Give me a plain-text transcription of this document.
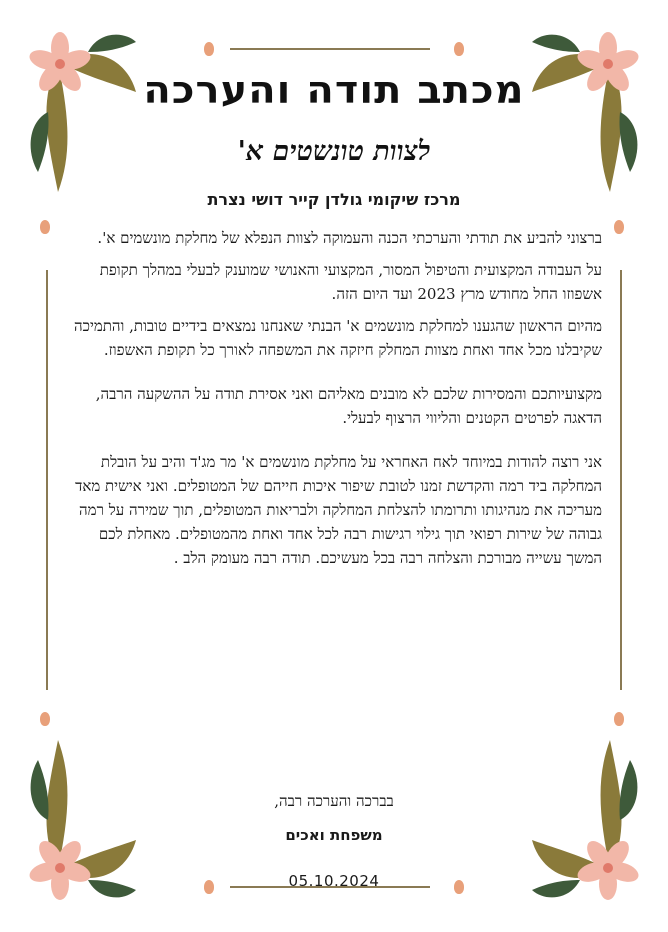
מכתב תודה והערכה
לצוות טונשטים א'
מרכז שיקומי גולדן קייר דושי נצרת

ברצוני להביע את תודתי והערכתי הכנה והעמוקה לצוות הנפלא של מחלקת מונשמים א'.

על העבודה המקצועית והטיפול המסור, המקצועי והאנושי שמוענק לבעלי במהלך תקופת אשפוזו החל מחודש מרץ 2023 ועד היום הזה.

מהיום הראשון שהגענו למחלקת מונשמים א' הבנתי שאנחנו נמצאים בידיים טובות, והתמיכה שקיבלנו מכל אחד ואחת מצוות המחלק חיזקה את המשפחה לאורך כל תקופת האשפוז.

מקצועיותכם והמסירות שלכם לא מובנים מאליהם ואני אסירת תודה על ההשקעה הרבה, הדאגה לפרטים הקטנים והליווי הרצוף לבעלי.

אני רוצה להודות במיוחד לאח האחראי על מחלקת מונשמים א' מר מג'ד והיב על הובלת המחלקה ביד רמה והקדשת זמנו לטובת שיפור איכות חייהם של המטופלים. ואני אישית מאד מעריכה את מנהיגותו ותרומתו להצלחת המחלקה ולבריאות המטופלים, תוך שמירה על רמה גבוהה של שירות רפואי תוך גילוי רגישות רבה לכל אחד ואחת מהמטופלים. מאחלת לכם המשך עשייה מבורכת והצלחה רבה בכל מעשיכם. תודה רבה מעומק הלב .

בברכה והערכה רבה,
משפחת ואכים
05.10.2024
